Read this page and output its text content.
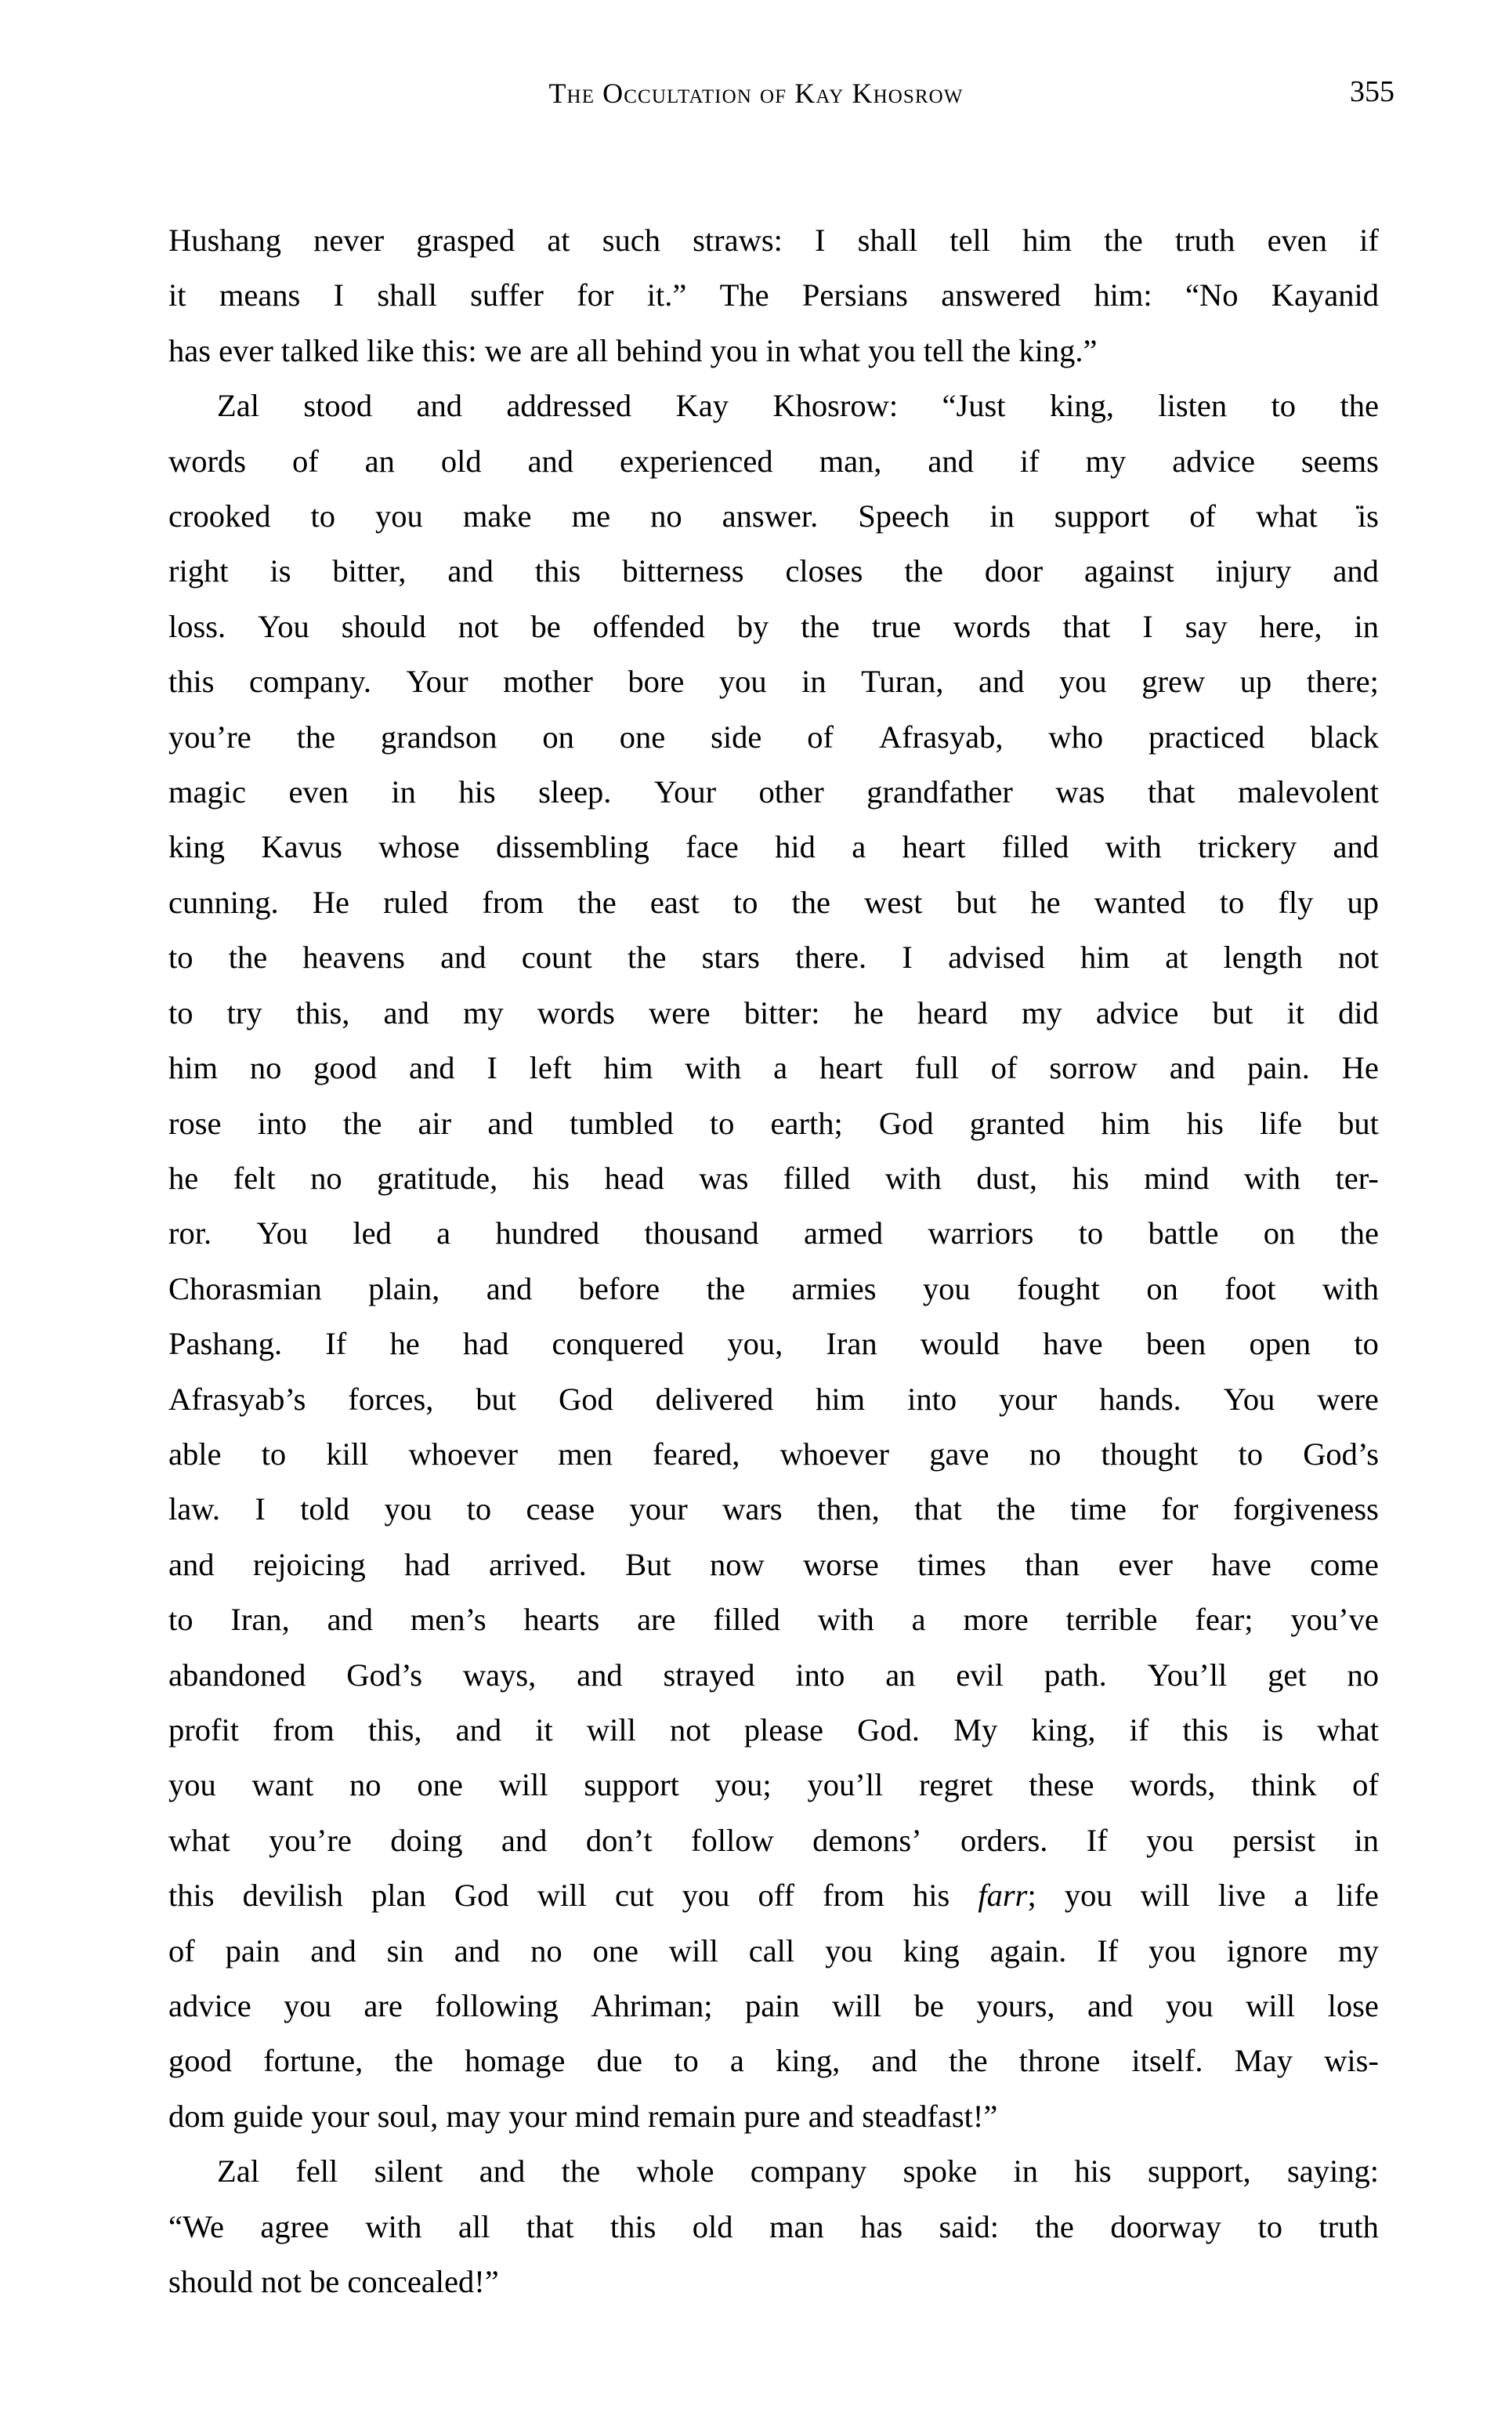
The Occultation of Kay Khosrow	355
Hushang never grasped at such straws: I shall tell him the truth even if
it means I shall suffer for it.” The Persians answered him: “No Kayanid
has ever talked like this: we are all behind you in what you tell the king.”
Zal stood and addressed Kay Khosrow: “Just king, listen to the
words of an old and experienced man, and if my advice seems
crooked to you make me no answer. Speech in support of what ̇is
right is bitter, and this bitterness closes the door against injury and
loss. You should not be offended by the true words that I say here, in
this company. Your mother bore you in Turan, and you grew up there;
you’re the grandson on one side of Afrasyab, who practiced black
magic even in his sleep. Your other grandfather was that malevolent
king Kavus whose dissembling face hid a heart filled with trickery and
cunning. He ruled from the east to the west but he wanted to fly up
to the heavens and count the stars there. I advised him at length not
to try this, and my words were bitter: he heard my advice but it did
him no good and I left him with a heart full of sorrow and pain. He
rose into the air and tumbled to earth; God granted him his life but
he felt no gratitude, his head was filled with dust, his mind with ter-
ror. You led a hundred thousand armed warriors to battle on the
Chorasmian plain, and before the armies you fought on foot with
Pashang. If he had conquered you, Iran would have been open to
Afrasyab’s forces, but God delivered him into your hands. You were
able to kill whoever men feared, whoever gave no thought to God’s
law. I told you to cease your wars then, that the time for forgiveness
and rejoicing had arrived. But now worse times than ever have come
to Iran, and men’s hearts are filled with a more terrible fear; you’ve
abandoned God’s ways, and strayed into an evil path. You’ll get no
profit from this, and it will not please God. My king, if this is what
you want no one will support you; you’ll regret these words, think of
what you’re doing and don’t follow demons’ orders. If you persist in
this devilish plan God will cut you off from his farr; you will live a life
of pain and sin and no one will call you king again. If you ignore my
advice you are following Ahriman; pain will be yours, and you will lose
good fortune, the homage due to a king, and the throne itself. May wis-
dom guide your soul, may your mind remain pure and steadfast!”
Zal fell silent and the whole company spoke in his support, saying:
“We agree with all that this old man has said: the doorway to truth
should not be concealed!”
